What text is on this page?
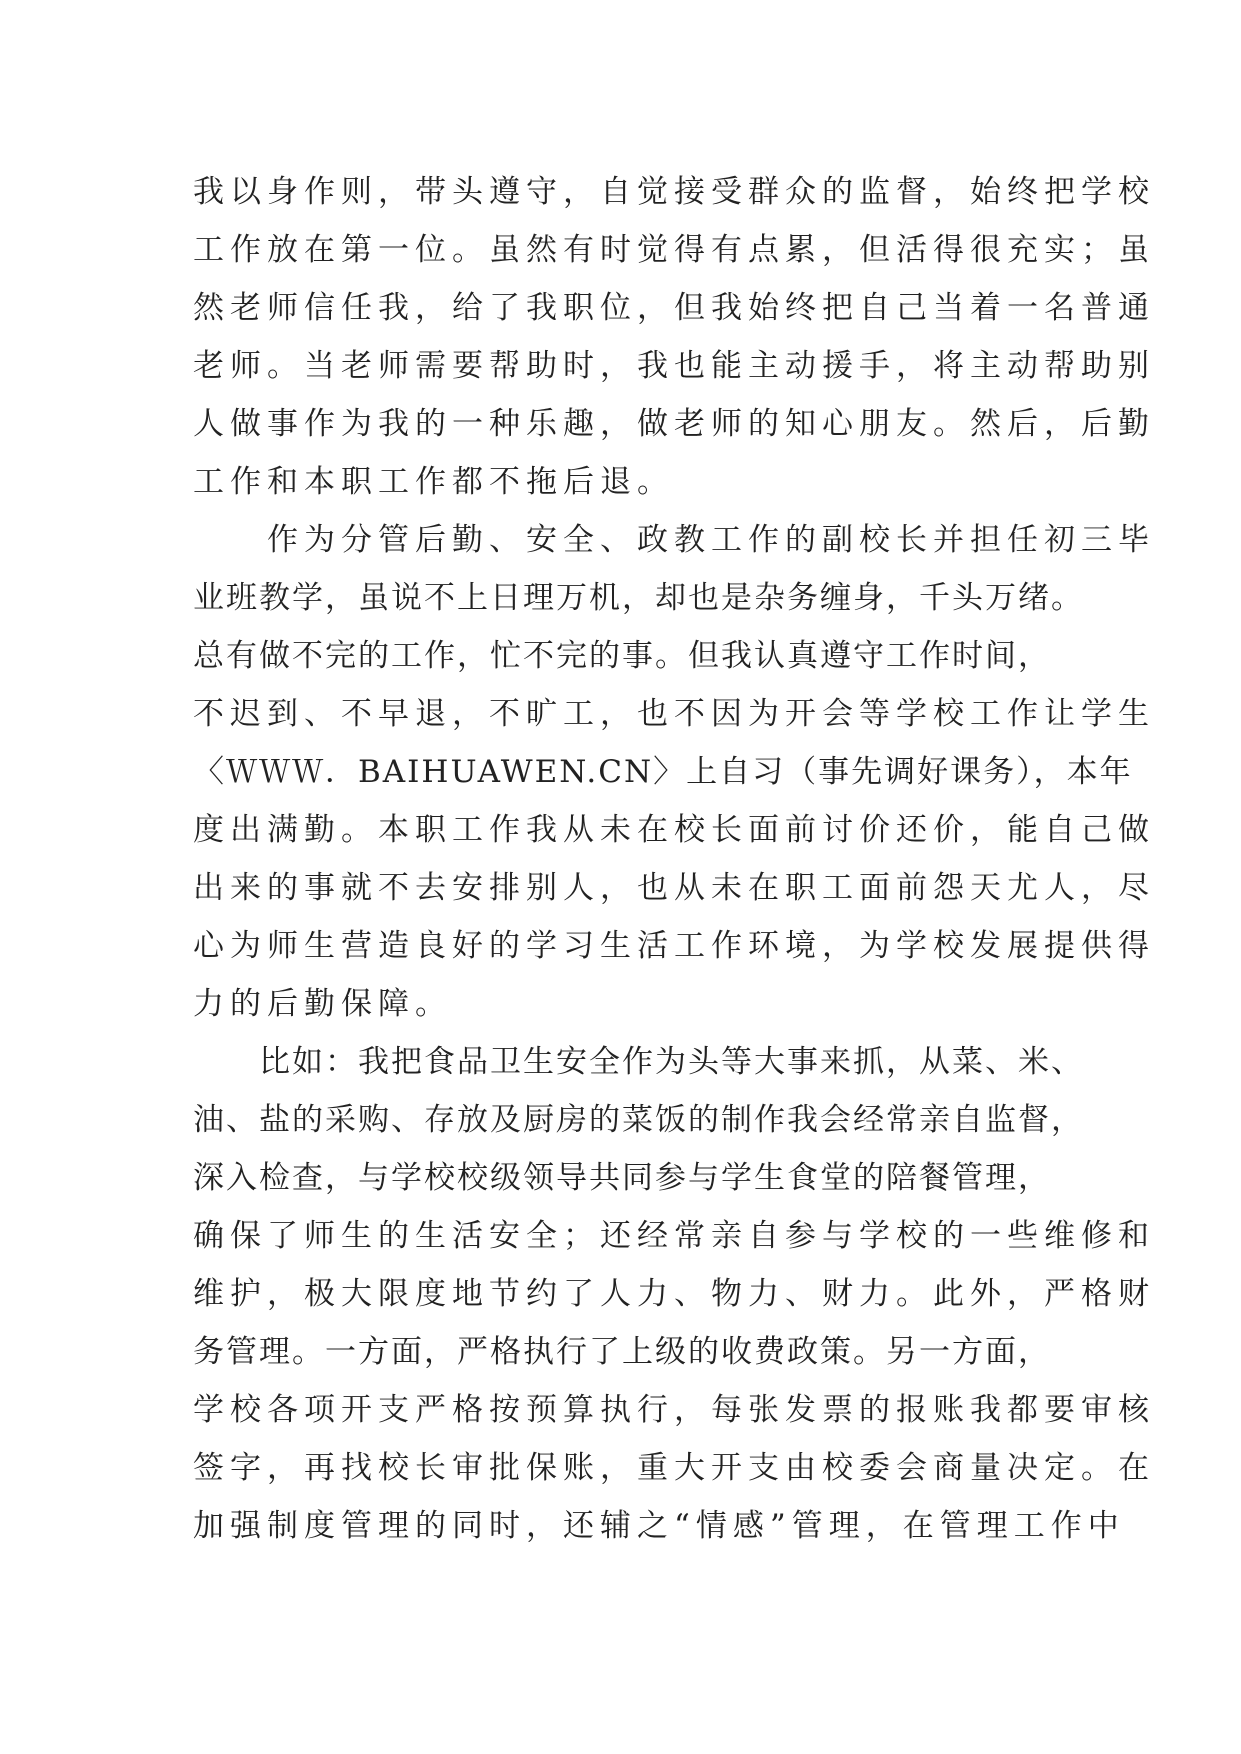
我以身作则，带头遵守，自觉接受群众的监督，始终把学校
工作放在第一位。虽然有时觉得有点累，但活得很充实；虽
然老师信任我，给了我职位，但我始终把自己当着一名普通
老师。当老师需要帮助时，我也能主动援手，将主动帮助别
人做事作为我的一种乐趣，做老师的知心朋友。然后，后勤
工作和本职工作都不拖后退。
　　作为分管后勤、安全、政教工作的副校长并担任初三毕
业班教学，虽说不上日理万机，却也是杂务缠身，千头万绪。
总有做不完的工作，忙不完的事。但我认真遵守工作时间，
不迟到、不早退，不旷工，也不因为开会等学校工作让学生
〈ＷＷＷ．BAIHUAWEN.CN〉上自习（事先调好课务），本年
度出满勤。本职工作我从未在校长面前讨价还价，能自己做
出来的事就不去安排别人，也从未在职工面前怨天尤人，尽
心为师生营造良好的学习生活工作环境，为学校发展提供得
力的后勤保障。
　　比如：我把食品卫生安全作为头等大事来抓，从菜、米、
油、盐的采购、存放及厨房的菜饭的制作我会经常亲自监督，
深入检查，与学校校级领导共同参与学生食堂的陪餐管理，
确保了师生的生活安全；还经常亲自参与学校的一些维修和
维护，极大限度地节约了人力、物力、财力。此外，严格财
务管理。一方面，严格执行了上级的收费政策。另一方面，
学校各项开支严格按预算执行，每张发票的报账我都要审核
签字，再找校长审批保账，重大开支由校委会商量决定。在
加强制度管理的同时，还辅之“情感”管理，在管理工作中
